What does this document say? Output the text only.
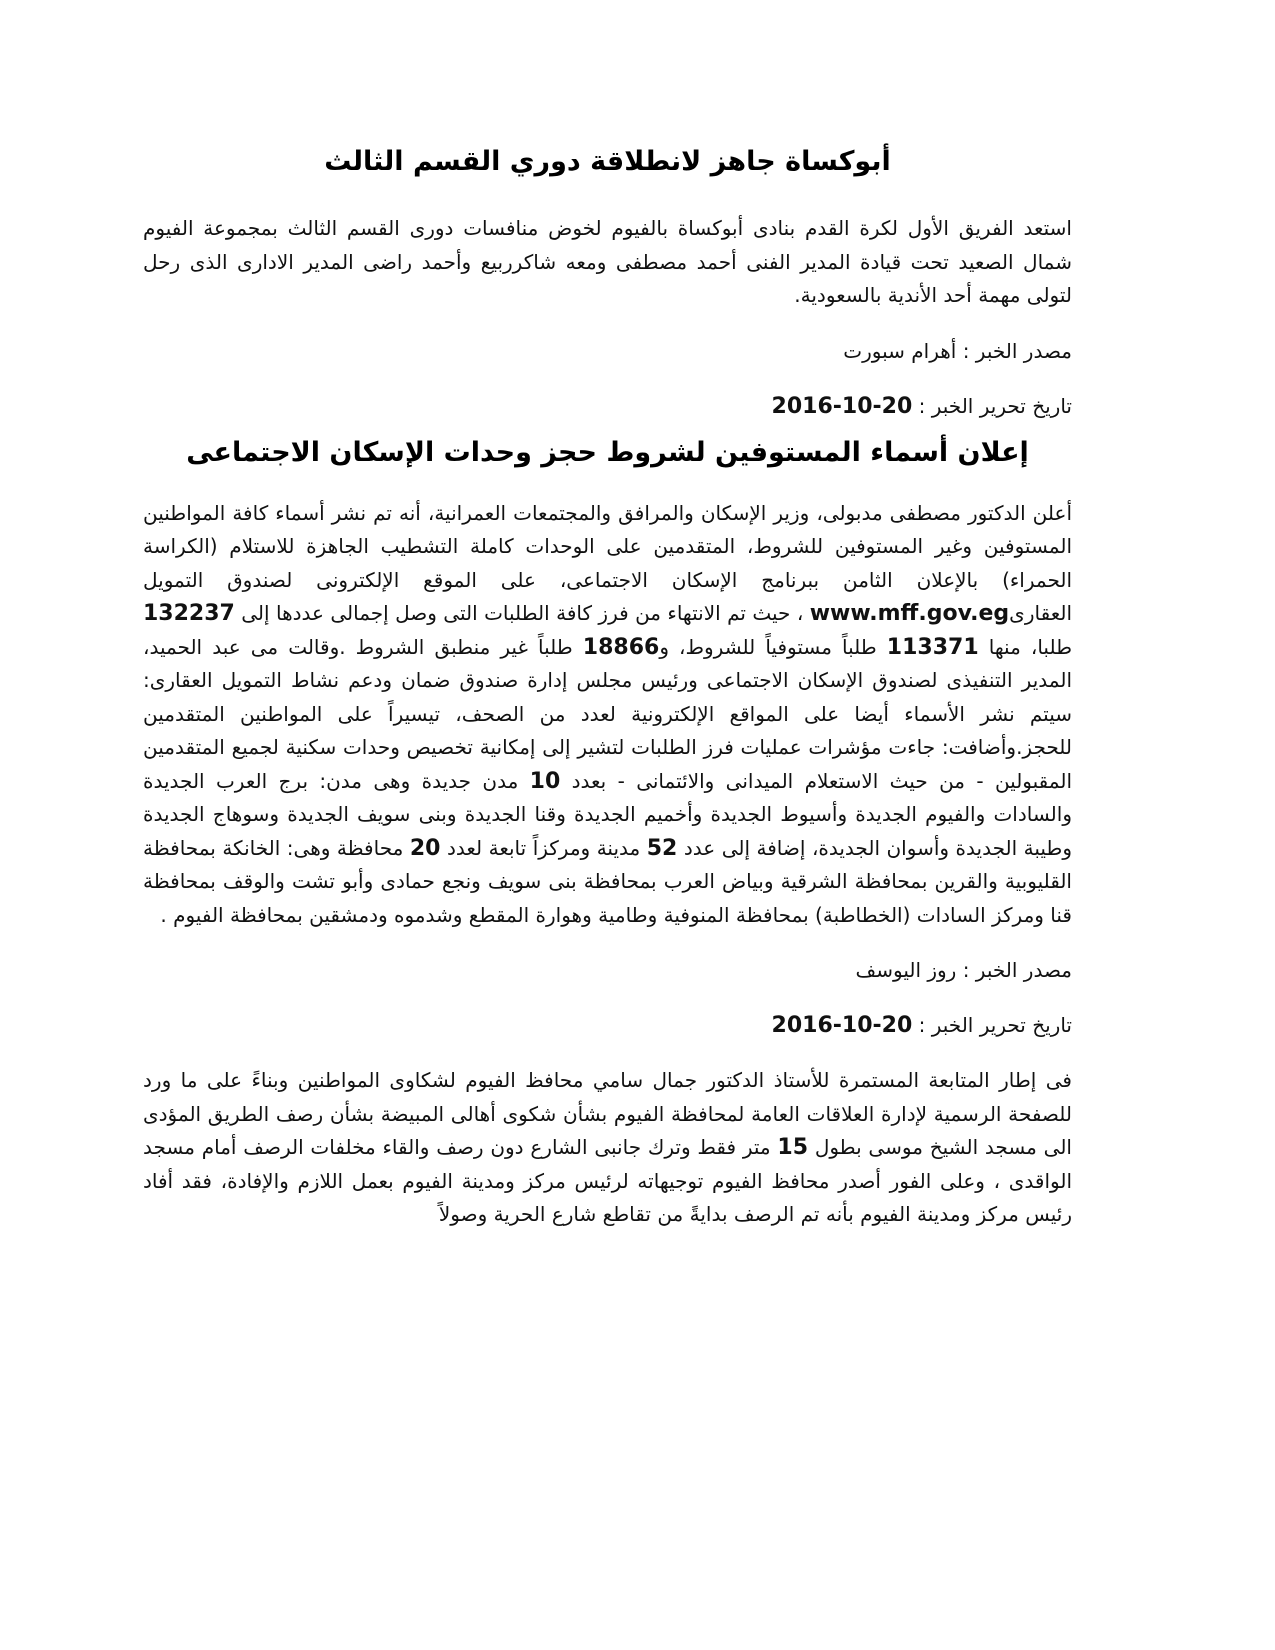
أبوكساة جاهز لانطلاقة دوري القسم الثالث

استعد الفريق الأول لكرة القدم بنادى أبوكساة بالفيوم لخوض منافسات دورى القسم الثالث بمجموعة الفيوم شمال الصعيد تحت قيادة المدير الفنى أحمد مصطفى ومعه شاكرربيع وأحمد راضى المدير الادارى الذى رحل لتولى مهمة أحد الأندية بالسعودية.

مصدر الخبر : أهرام سبورت

تاريخ تحرير الخبر : 2016-10-20

إعلان أسماء المستوفين لشروط حجز وحدات الإسكان الاجتماعى

أعلن الدكتور مصطفى مدبولى، وزير الإسكان والمرافق والمجتمعات العمرانية، أنه تم نشر أسماء كافة المواطنين المستوفين وغير المستوفين للشروط، المتقدمين على الوحدات كاملة التشطيب الجاهزة للاستلام (الكراسة الحمراء) بالإعلان الثامن ببرنامج الإسكان الاجتماعى، على الموقع الإلكترونى لصندوق التمويل العقارىwww.mff.gov.eg ، حيث تم الانتهاء من فرز كافة الطلبات التى وصل إجمالى عددها إلى 132237 طلبا، منها 113371 طلباً مستوفياً للشروط، و18866 طلباً غير منطبق الشروط .وقالت مى عبد الحميد، المدير التنفيذى لصندوق الإسكان الاجتماعى ورئيس مجلس إدارة صندوق ضمان ودعم نشاط التمويل العقارى: سيتم نشر الأسماء أيضا على المواقع الإلكترونية لعدد من الصحف، تيسيراً على المواطنين المتقدمين للحجز.وأضافت: جاءت مؤشرات عمليات فرز الطلبات لتشير إلى إمكانية تخصيص وحدات سكنية لجميع المتقدمين المقبولين - من حيث الاستعلام الميدانى والائتمانى - بعدد 10 مدن جديدة وهى مدن: برج العرب الجديدة والسادات والفيوم الجديدة وأسيوط الجديدة وأخميم الجديدة وقنا الجديدة وبنى سويف الجديدة وسوهاج الجديدة وطيبة الجديدة وأسوان الجديدة، إضافة إلى عدد 52 مدينة ومركزاً تابعة لعدد 20 محافظة وهى: الخانكة بمحافظة القليوبية والقرين بمحافظة الشرقية وبياض العرب بمحافظة بنى سويف ونجع حمادى وأبو تشت والوقف بمحافظة قنا ومركز السادات (الخطاطبة) بمحافظة المنوفية وطامية وهوارة المقطع وشدموه ودمشقين بمحافظة الفيوم .

مصدر الخبر : روز اليوسف

تاريخ تحرير الخبر : 2016-10-20

فى إطار المتابعة المستمرة للأستاذ الدكتور جمال سامي محافظ الفيوم لشكاوى المواطنين وبناءً على ما ورد للصفحة الرسمية لإدارة العلاقات العامة لمحافظة الفيوم بشأن شكوى أهالى المبيضة بشأن رصف الطريق المؤدى الى مسجد الشيخ موسى بطول 15 متر فقط وترك جانبى الشارع دون رصف والقاء مخلفات الرصف أمام مسجد الواقدى ، وعلى الفور أصدر محافظ الفيوم توجيهاته لرئيس مركز ومدينة الفيوم بعمل اللازم والإفادة، فقد أفاد رئيس مركز ومدينة الفيوم بأنه تم الرصف بدايةً من تقاطع شارع الحرية وصولاً
